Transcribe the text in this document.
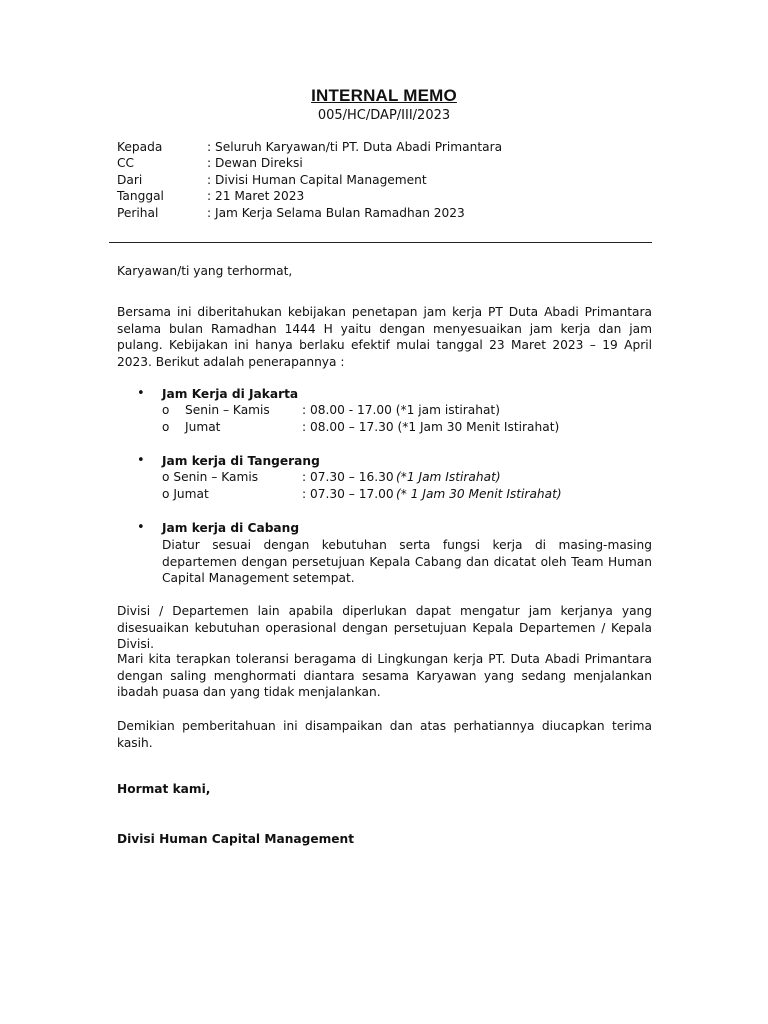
INTERNAL MEMO
005/HC/DAP/III/2023
Kepada	: Seluruh Karyawan/ti PT. Duta Abadi Primantara
CC	: Dewan Direksi
Dari	: Divisi Human Capital Management
Tanggal	: 21 Maret 2023
Perihal	: Jam Kerja Selama Bulan Ramadhan 2023
Karyawan/ti yang terhormat,
Bersama ini diberitahukan kebijakan penetapan jam kerja PT Duta Abadi Primantara selama bulan Ramadhan 1444 H yaitu dengan menyesuaikan jam kerja dan jam pulang. Kebijakan ini hanya berlaku efektif mulai tanggal 23 Maret 2023 – 19 April 2023. Berikut adalah penerapannya :
• Jam Kerja di Jakarta
o Senin – Kamis	: 08.00 - 17.00 (*1 jam istirahat)
o Jumat	: 08.00 – 17.30 (*1 Jam 30 Menit Istirahat)
• Jam kerja di Tangerang
o Senin – Kamis	: 07.30 – 16.30 (*1 Jam Istirahat)
o Jumat	: 07.30 – 17.00 (* 1 Jam 30 Menit Istirahat)
• Jam kerja di Cabang
Diatur sesuai dengan kebutuhan serta fungsi kerja di masing-masing departemen dengan persetujuan Kepala Cabang dan dicatat oleh Team Human Capital Management setempat.
Divisi / Departemen lain apabila diperlukan dapat mengatur jam kerjanya yang disesuaikan kebutuhan operasional dengan persetujuan Kepala Departemen / Kepala Divisi.
Mari kita terapkan toleransi beragama di Lingkungan kerja PT. Duta Abadi Primantara dengan saling menghormati diantara sesama Karyawan yang sedang menjalankan ibadah puasa dan yang tidak menjalankan.
Demikian pemberitahuan ini disampaikan dan atas perhatiannya diucapkan terima kasih.
Hormat kami,
Divisi Human Capital Management
